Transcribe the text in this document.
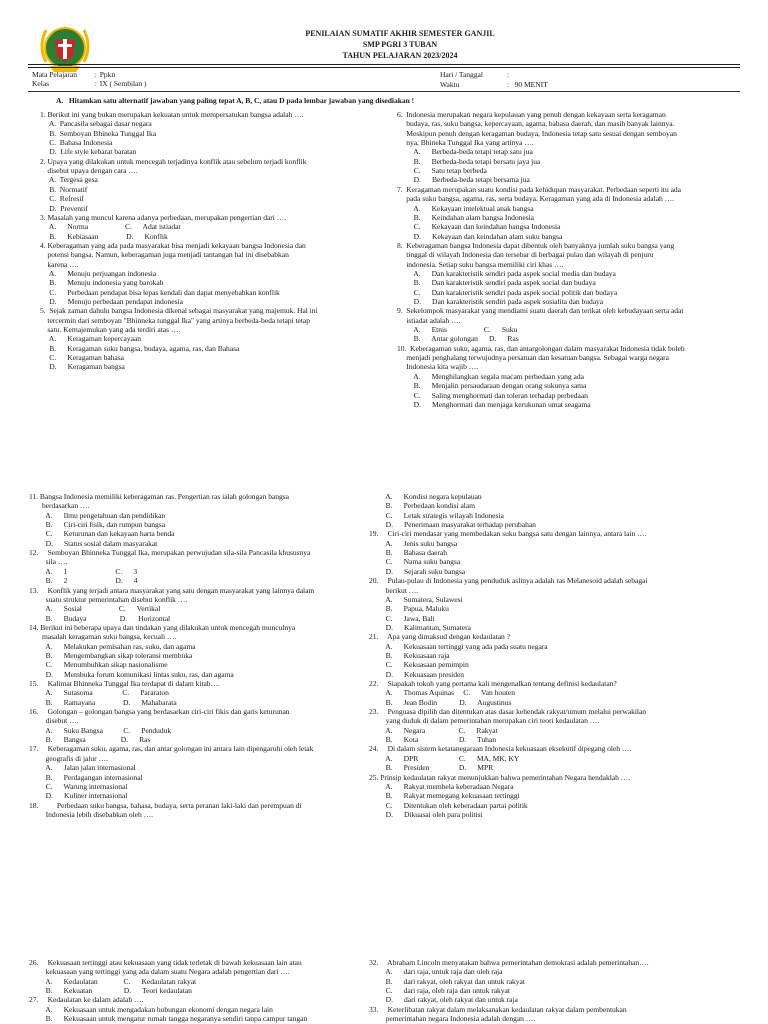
PENILAIAN SUMATIF AKHIR SEMESTER GANJIL
SMP PGRI 3 TUBAN
TAHUN PELAJARAN 2023/2024
Mata Pelajaran :  Ppkn
Kelas	:  IX ( Sembilan )
Hari / Tanggal	:
Waktu	:   90 MENIT
A.   Hitamkan satu alternatif jawaban yang paling tepat A, B, C, atau D pada lembar jawaban yang disediakan !
1. Berikut ini yang bukan merupakan kekuatan untuk mempersatukan bangsa adalah ….
A.  Pancasila sebagai dasar negara
B.  Semboyan Bhineka Tunggal Ika
C.  Bahasa Indonesia
D.  Life style kebarat baratan
2. Upaya yang dilakukan untuk mencegah terjadinya konflik atau sebelum terjadi konflik
disebut upaya dengan cara ….
A.  Tergesa gesa
B.  Normatif
C.  Refresif
D.  Preventif
3. Masalah yang muncul karena adanya perbedaan, merupakan pengertian dari ….
A.      Norma                    C.      Adat istiadat
B.      Kebiasaan               D.      Konflik
4. Keberagaman yang ada pada masyarakat bisa menjadi kekayaan bangsa Indonesia dan
potensi bangsa. Namun, keberagaman juga menjadi tantangan hal ini disebabkan
karena ….
A.      Menuju perjuangan indonesia
B.      Menuju indonesia yang barokah
C.      Perbedaan pendapat bisa lepas kendali dan dapat menyebabkan konflik
D.      Menuju perbedaan pendapat indonesia
5.  Sejak zaman dahulu bangsa Indonesia dikenal sebagai masyarakat yang majemuk. Hal ini
tercermin dari semboyan "Bhinneka tunggal Ika" yang artinya berbeda-beda tetapi tetap
satu. Kemajemukan yang ada terdiri atas ….
A.      Keragaman kepercayaan
B.      Keragaman suku bangsa, budaya, agama, ras, dan Bahasa
C.      Keragaman bahasa
D.      Keragaman bangsa
6.  Indonesia merupakan negara kepulauan yang penuh dengan kekayaan serta keragaman
budaya, ras, suku bangsa, kepercayaan, agama, bahasa daerah, dan masih banyak lainnya.
Meskipun penuh dengan keragaman budaya, Indonesia tetap satu sesuai dengan semboyan
nya, Bhineka Tunggal Ika yang artinya ….
A.      Berbeda-beda tetapi tetap satu jua
B.      Berbeda-beda tetapi bersatu jaya jua
C.      Satu tetap berbeda
D.      Berbeda-beda tetapi bersama jua
7.  Keragaman merupakan suatu kondisi pada kehidupan masyarakat. Perbedaan seperti itu ada
pada suku bangsa, agama, ras, serta budaya. Keragaman yang ada di Indonesia adalah ….
A.      Kekayaan intelektual anak bangsa
B.      Keindahan alam bangsa Indonesia
C.      Kekayaan dan keindahan bangsa Indonesia
D.      Kekayaan dan keindahan alam suku bangsa
8.  Keberagaman bangsa Indonesia dapat dibentuk oleh banyaknya jumlah suku bangsa yang
tinggal di wilayah Indonesia dan tersebar di berbagai pulau dan wilayah di penjuru
indonesia. Setiap suku bangsa memiliki ciri khas ….
A.      Dan karakteristik sendiri pada aspek social media dan budaya
B.      Dan karakteristik sendiri pada aspek social dan budaya
C.      Dan karakteristik sendiri pada aspek social politik dan budaya
D.      Dan karakteristik sendiri pada aspek sosialita dan budaya
9.  Sekelompok masyarakat yang mendiami suatu daerah dan terikat oleh kebudayaan serta adat
istiadat adalah ….
A.      Etnis                    C.      Suku
B.      Antar golongan      D.      Ras
10.  Keberagaman suku, agama, ras, dan antargolongan dalam masyarakat Indonesia tidak boleh
menjadi penghalang terwujudnya persatuan dan kesatuan bangsa. Sebagai warga negara
Indonesia kita wajib ….
A.      Menghilangkan segala macam perbedaan yang ada
B.      Menjalin persaudaraan dengan orang sukunya sama
C.      Saling menghormati dan toleran terhadap perbedaan
D.      Menghormati dan menjaga kerukunan umat seagama
11. Bangsa Indonesia memiliki keberagaman ras. Pengertian ras ialah golongan bangsa
berdasarkan ….
A.      Ilmu pengetahuan dan pendidikan
B.      Ciri-ciri fisik, dan rumpun bangsa
C.      Keturunan dan kekayaan harta benda
D.      Status sosial dalam masyarakat
12.     Semboyan Bhinneka Tunggal Ika, merupakan perwujudan sila-sila Pancasila khususnya
sila ….
A.      1                          C.      3
B.      2                          D.      4
13.     Konflik yang terjadi antara masyarakat yang satu dengan masyarakat yang lainnya dalam
suatu struktur pemerintahan disebut konflik ….
A.      Sosial                    C.      Vertikal
B.      Budaya                  D.      Horizontal
14. Berikut ini beberapa upaya dan tindakan yang dilakukan untuk mencegah munculnya
masalah keragaman suku bangsa, kecuali ….
A.      Melakukan pemisahan ras, suku, dan agama
B.      Mengembangkan sikap toleransi membuka
C.      Menumbuhkan sikap nasionalisme
D.      Membuka forum komunikasi lintas suku, ras, dan agama
15.     Kalimat Bhinneka Tunggal Ika terdapat di dalam kitab….
A.      Sutasoma                C.      Pararaton
B.      Ramayana               D.      Mahabarata
16.     Golongan – golongan bangsa yang berdasarkan ciri-ciri fikis dan garis keturunan
disebut ….
A.      Suku Bangsa           C.      Penduduk
B.      Bangsa                   D.      Ras
17.     Keberagaman suku, agama, ras, dan antar golongan ini antara lain dipengaruhi oleh letak
geografis di jalur ….
A.      Jalan jalan internasional
B.      Perdagangan internasional
C.      Warung internasional
D.      Kuliner internasional
18.          Perbedaan suku bangsa, bahasa, budaya, serta peranan laki-laki dan perempuan di
Indonesia lebih disebabkan oleh ….
A.      Kondisi negara kepulauan
B.      Perbedaan kondisi alam
C.      Letak strategis wilayah Indonesia
D.      Penerimaan masyarakat terhadap perubahan
19.     Ciri-ciri mendasar yang membedakan suku bangsa satu dengan lainnya, antara lain ….
A.      Jenis suku bangsa
B.      Bahasa daerah
C.      Nama suku bangsa
D.      Sejarah suku bangsa
20.     Pulau-pulau di Indonesia yang penduduk aslinya adalah ras Melanesoid adalah sebagai
berikut ….
A.      Sumatera, Sulawesi
B.      Papua, Maluku
C.      Jawa, Bali
D.      Kalimantan, Sumatera
21.     Apa yang dimaksud dengan kedaulatan ?
A.      Kekuasaan tertinggi yang ada pada suatu negara
B.      Kekuasaan raja
C.      Kekuasaan pemimpin
D.      Kekuasaan presiden
22.     Siapakah tokoh yang pertama kali mengenalkan tentang definisi kedaulatan?
A.      Thomas Aquinas     C.      Van houten
B.      Jean Bodin            D.      Augustinus
23.     Penguasa dipilih dan ditentukan atas dasar kehendak rakyat/umum melalui perwakilan
yang duduk di dalam pemerintahan merupakan ciri teori kedaulatan ….
A.      Negara                  C.      Rakyat
B.      Kota                      D.      Tuhan
24.     Di dalam sistem ketatanegaraan Indonesia kekuasaan eksekutif dipegang oleh ….
A.      DPR                      C.      MA, MK, KY
B.      Presiden                D.      MPR
25. Prinsip kedaulatan rakyat menunjukkan bahwa pemerintahan Negara hendaklah ….
A.      Rakyat membela keberadaan Negara
B.      Rakyat memegang kekuasaan tertinggi
C.      Ditentukan oleh keberadaan partai politik
D.      Dikuasai oleh para politisi
26.     Kekuasaan tertinggi atau kekuasaan yang tidak terletak di bawah kekuasaan lain atau
kekuasaan yang tertinggi yang ada dalam suatu Negara adalah pengertian dari ….
A.      Kedaulatan              C.      Kedaulatan rakyat
B.      Kekuatan                 D.      Teori kedaulatan
27.     Kedaulatan ke dalam adalah ….
A.      Kekuasaan untuk mengadakan hubungan ekonomi dengan negara lain
B.      Kekuasaan untuk mengatur rumah tangga negaranya sendiri tanpa campur tangan
32.     Abraham Lincoln menyatakan bahwa pemerintahan demokrasi adalah pemerintahan….
A.      dari raja, untuk raja dan oleh raja
B.      dari rakyat, oleh rakyat dan untuk rakyat
C.      dari raja, oleh raja dan untuk rakyat
D.      dari rakyat, oleh rakyat dan untuk raja
33.     Keterlibatan rakyat dalam melaksanakan kedaulatan rakyat dalam pembentukan
pemerintahan negara Indonesia adalah dengan ….
